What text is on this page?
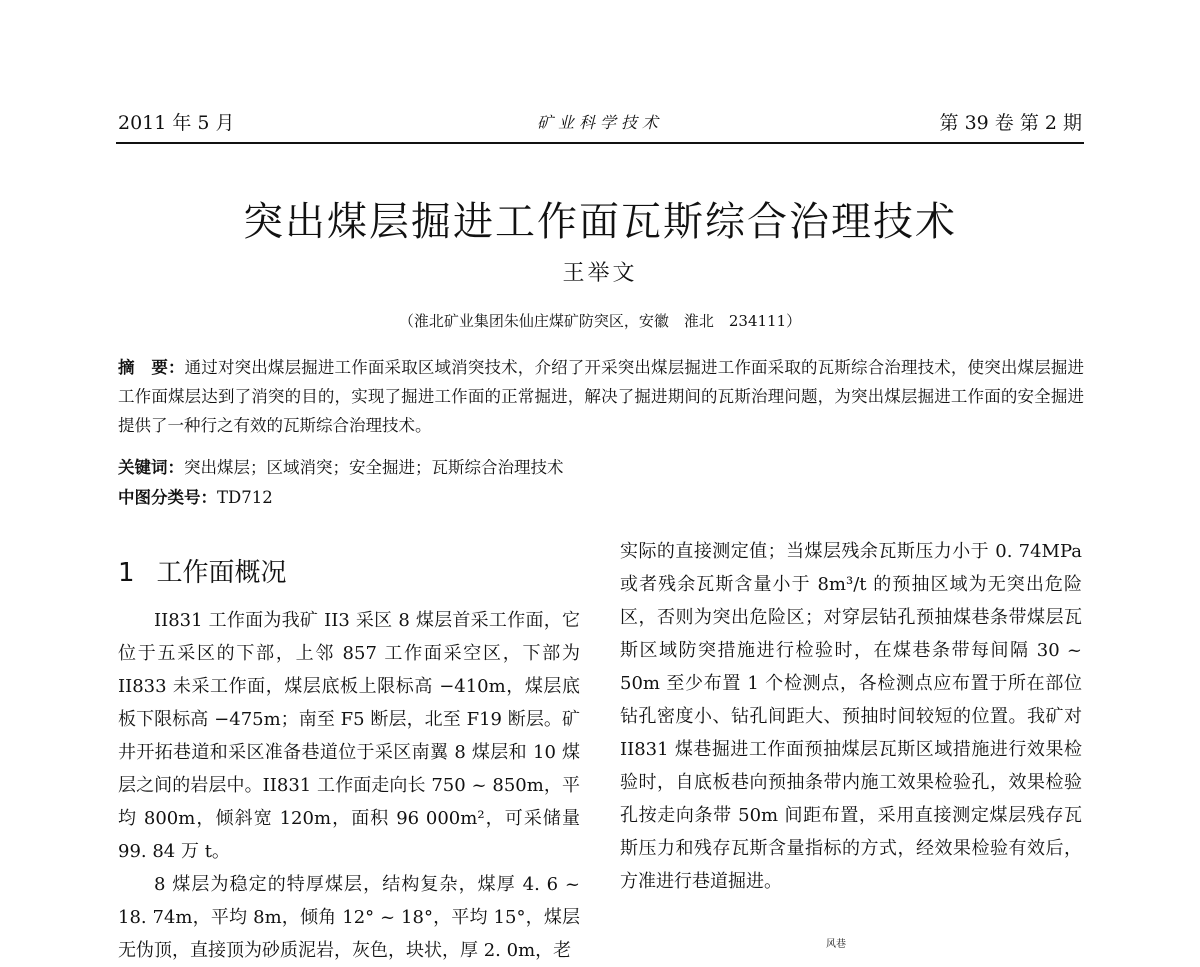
2011 年 5 月	矿业科学技术	第 39 卷 第 2 期
突出煤层掘进工作面瓦斯综合治理技术
王举文
（淮北矿业集团朱仙庄煤矿防突区，安徽　淮北　234111）
摘　要：通过对突出煤层掘进工作面采取区域消突技术，介绍了开采突出煤层掘进工作面采取的瓦斯综合治理技术，使突出煤层掘进工作面煤层达到了消突的目的，实现了掘进工作面的正常掘进，解决了掘进期间的瓦斯治理问题，为突出煤层掘进工作面的安全掘进提供了一种行之有效的瓦斯综合治理技术。
关键词：突出煤层；区域消突；安全掘进；瓦斯综合治理技术
中图分类号：TD712
1 工作面概况

II831 工作面为我矿 II3 采区 8 煤层首采工作面，它位于五采区的下部，上邻 857 工作面采空区，下部为 II833 未采工作面，煤层底板上限标高 −410m，煤层底板下限标高 −475m；南至 F5 断层，北至 F19 断层。矿井开拓巷道和采区准备巷道位于采区南翼 8 煤层和 10 煤层之间的岩层中。II831 工作面走向长 750 ~ 850m，平均 800m，倾斜宽 120m，面积 96 000m²，可采储量 99. 84 万 t。

8 煤层为稳定的特厚煤层，结构复杂，煤厚 4. 6 ~ 18. 74m，平均 8m，倾角 12° ~ 18°，平均 15°，煤层无伪顶，直接顶为砂质泥岩，灰色，块状，厚 2. 0m，老

实际的直接测定值；当煤层残余瓦斯压力小于 0. 74MPa 或者残余瓦斯含量小于 8m³/t 的预抽区域为无突出危险区，否则为突出危险区；对穿层钻孔预抽煤巷条带煤层瓦斯区域防突措施进行检验时，在煤巷条带每间隔 30 ~ 50m 至少布置 1 个检测点，各检测点应布置于所在部位钻孔密度小、钻孔间距大、预抽时间较短的位置。我矿对 II831 煤巷掘进工作面预抽煤层瓦斯区域措施进行效果检验时，自底板巷向预抽条带内施工效果检验孔，效果检验孔按走向条带 50m 间距布置，采用直接测定煤层残存瓦斯压力和残存瓦斯含量指标的方式，经效果检验有效后，方准进行巷道掘进。

风巷
